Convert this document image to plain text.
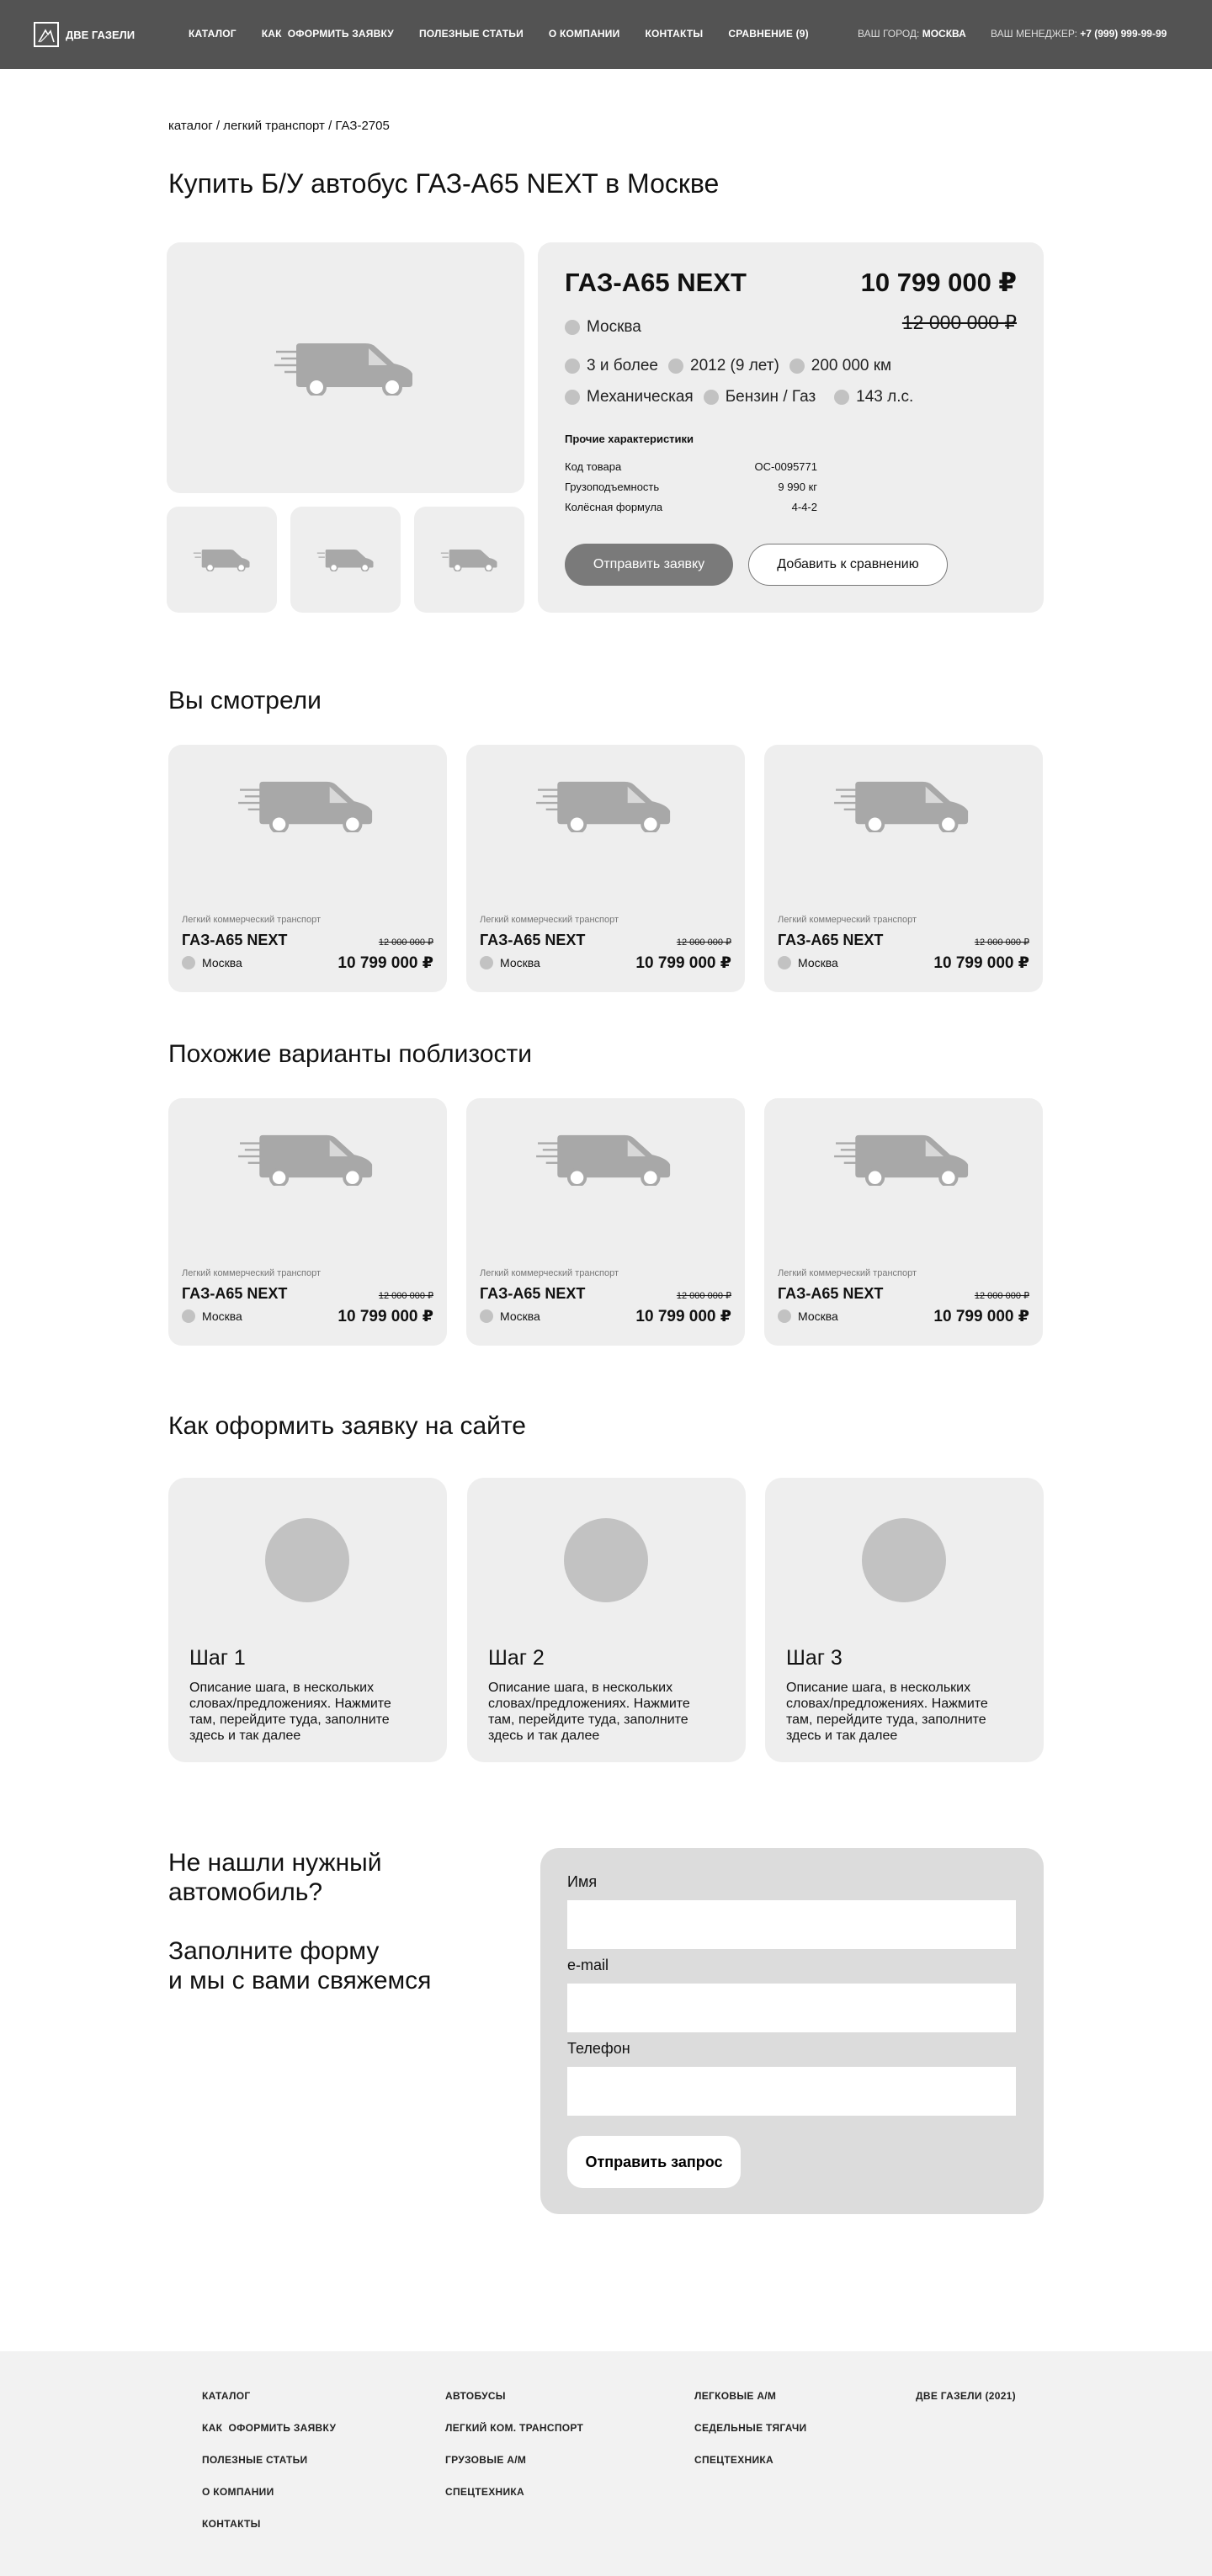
ДВЕ ГАЗЕЛИ	КАТАЛОГ	КАК  ОФОРМИТЬ ЗАЯВКУ	ПОЛЕЗНЫЕ СТАТЬИ	О КОМПАНИИ	КОНТАКТЫ	СРАВНЕНИЕ (9)	ВАШ ГОРОД: МОСКВА ВАШ МЕНЕДЖЕР: +7 (999) 999-99-99
каталог / легкий транспорт / ГАЗ-2705
Купить Б/У автобус ГАЗ-А65 NEXT в Москве
ГАЗ-А65 NEXT	10 799 000 ₽
12 000 000 ₽
Москва
3 и более 2012 (9 лет) 200 000 км
Механическая Бензин / Газ	143 л.с.
Прочие характеристики
Код товара	ОС-0095771
Грузоподъемность	9 990 кг
Колёсная формула	4-4-2
Отправить заявку	Добавить к сравнению
Вы смотрели
Легкий коммерческий транспорт
ГАЗ-А65 NEXT	12 000 000 ₽
Москва	10 799 000 ₽
Легкий коммерческий транспорт
ГАЗ-А65 NEXT	12 000 000 ₽
Москва	10 799 000 ₽
Легкий коммерческий транспорт
ГАЗ-А65 NEXT	12 000 000 ₽
Москва	10 799 000 ₽
Похожие варианты поблизости
Легкий коммерческий транспорт
ГАЗ-А65 NEXT	12 000 000 ₽
Москва	10 799 000 ₽
Легкий коммерческий транспорт
ГАЗ-А65 NEXT	12 000 000 ₽
Москва	10 799 000 ₽
Легкий коммерческий транспорт
ГАЗ-А65 NEXT	12 000 000 ₽
Москва	10 799 000 ₽
Как оформить заявку на сайте
Шаг 1
Описание шага, в нескольких словах/предложениях. Нажмите там, перейдите туда, заполните здесь и так далее
Шаг 2
Описание шага, в нескольких словах/предложениях. Нажмите там, перейдите туда, заполните здесь и так далее
Шаг 3
Описание шага, в нескольких словах/предложениях. Нажмите там, перейдите туда, заполните здесь и так далее
Не нашли нужный
автомобиль?
Заполните форму
и мы с вами свяжемся
Имя
e-mail
Телефон
Отправить запрос
КАТАЛОГ
КАК  ОФОРМИТЬ ЗАЯВКУ
ПОЛЕЗНЫЕ СТАТЬИ
О КОМПАНИИ
КОНТАКТЫ
АВТОБУСЫ
ЛЕГКИЙ КОМ. ТРАНСПОРТ
ГРУЗОВЫЕ А/М
СПЕЦТЕХНИКА
ЛЕГКОВЫЕ А/М
СЕДЕЛЬНЫЕ ТЯГАЧИ
СПЕЦТЕХНИКА
ДВЕ ГАЗЕЛИ (2021)
